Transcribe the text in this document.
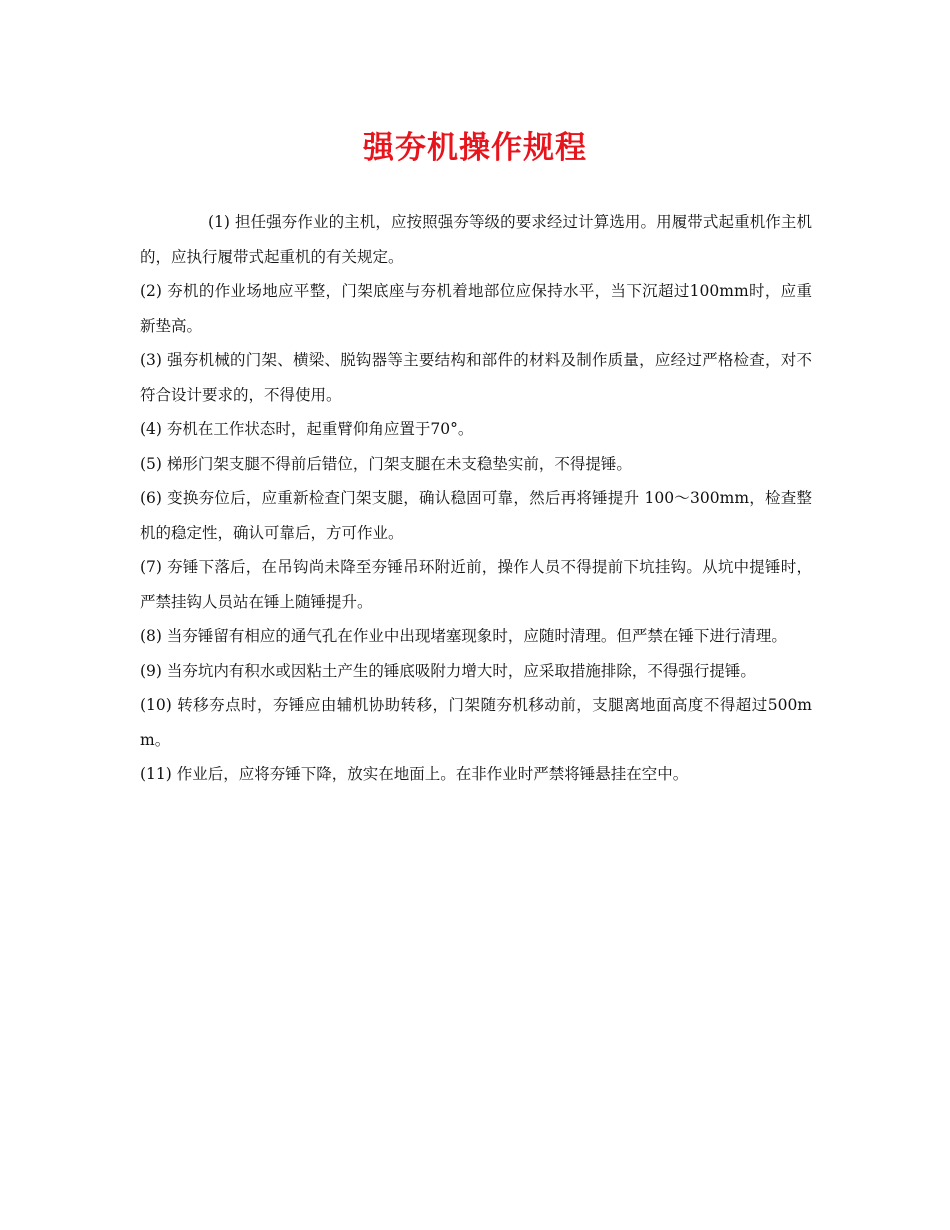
强夯机操作规程

(1) 担任强夯作业的主机，应按照强夯等级的要求经过计算选用。用履带式起重机作主机的，应执行履带式起重机的有关规定。

(2) 夯机的作业场地应平整，门架底座与夯机着地部位应保持水平，当下沉超过100mm时，应重新垫高。

(3) 强夯机械的门架、横梁、脱钩器等主要结构和部件的材料及制作质量，应经过严格检查，对不符合设计要求的，不得使用。

(4) 夯机在工作状态时，起重臂仰角应置于70°。

(5) 梯形门架支腿不得前后错位，门架支腿在未支稳垫实前，不得提锤。

(6) 变换夯位后，应重新检查门架支腿，确认稳固可靠，然后再将锤提升 100～300mm，检查整机的稳定性，确认可靠后，方可作业。

(7) 夯锤下落后，在吊钩尚未降至夯锤吊环附近前，操作人员不得提前下坑挂钩。从坑中提锤时，严禁挂钩人员站在锤上随锤提升。

(8) 当夯锤留有相应的通气孔在作业中出现堵塞现象时，应随时清理。但严禁在锤下进行清理。

(9) 当夯坑内有积水或因粘土产生的锤底吸附力增大时，应采取措施排除，不得强行提锤。

(10) 转移夯点时，夯锤应由辅机协助转移，门架随夯机移动前，支腿离地面高度不得超过500mm。

(11) 作业后，应将夯锤下降，放实在地面上。在非作业时严禁将锤悬挂在空中。
